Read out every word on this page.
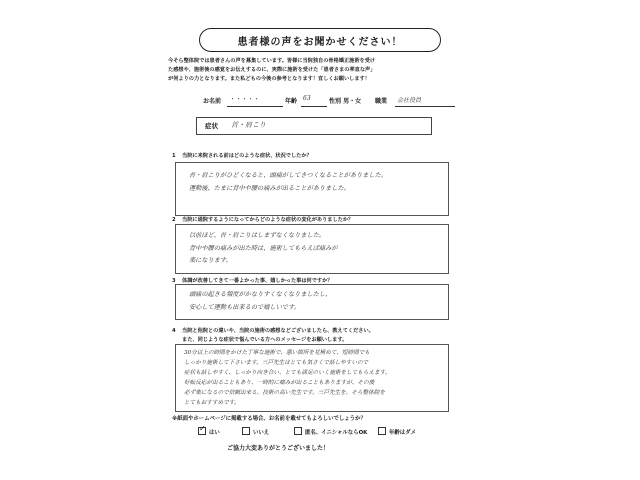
患者様の声をお聞かせください！
今そら整体院では患者さんの声を募集しています。皆様に当院独自の骨格矯正施術を受け
た感想や、施術後の感覚をお伝えするのに、実際に施術を受けた「患者さまの率直な声」
が何よりの力となります。また私どもの今後の参考となります！宜しくお願いします！
お名前 ・・・・・	年齢 63	性別 男・女 職業 会社役員
症状 首・肩こり
1 当院に来院される前はどのような症状、状況でしたか？
首・肩こりがひどくなると、頭痛がしてきつくなることがありました。
運動後、たまに背中や腰の痛みが出ることがありました。
2 当院に通院するようになってからどのような症状の変化がありましたか？
以前ほど、首・肩こりはしまずなくなりました。
背中や腰の痛みが出た時は、施術してもらえば痛みが
楽になります。
3 体調が改善してきて一番よかった事、嬉しかった事は何ですか？
頭痛の起きる頻度がかなりすくなくなりましたし、
安心して運動も出来るので嬉しいです。
4 当院と他院との違いや、当院の施術の感想などございましたら、教えてください。
また、同じような症状で悩んでいる方へのメッセージをお願いします。
30分以上の時間をかけた丁寧な施術で、悪い箇所を見極めて、短時間でも
しっかり施術して下さいます。三戸先生はとても気さくで話しやすいので
症状も話しやすく、しっかり向き合い、とても満足のいく施術をしてもらえます。
好転反応が出ることもあり、一時的に痛みが出ることもありますが、その後
必ず楽になるので信頼出来る、技術の高い先生です。三戸先生を、そら整体院を
とてもおすすめです。
※紙面やホームページに掲載する場合、お名前を載せてもよろしいでしょうか？
✓ はい	いいえ	匿名、イニシャルならOK	年齢はダメ
ご協力大変ありがとうございました！
